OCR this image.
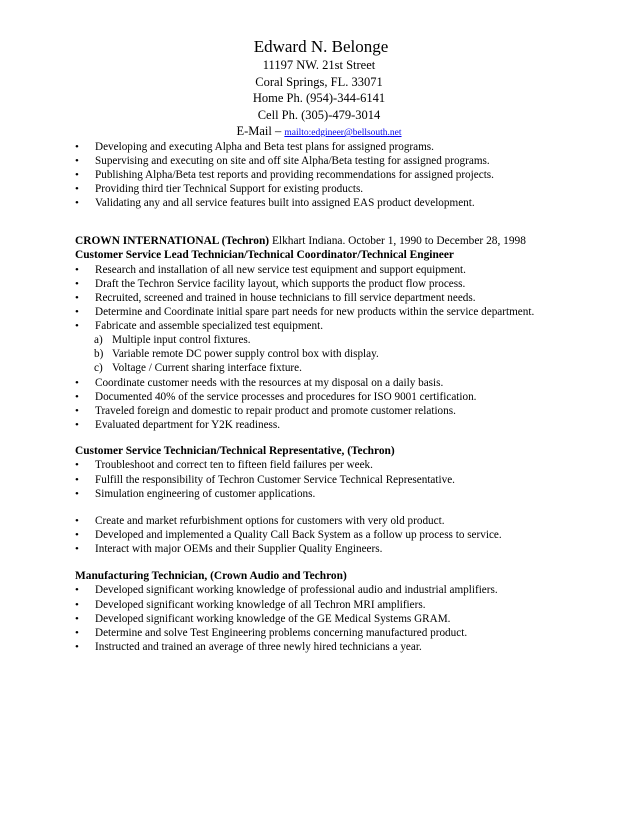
Edward N. Belonge
11197 NW. 21st Street
Coral Springs, FL. 33071
Home Ph. (954)-344-6141
Cell Ph. (305)-479-3014
E-Mail – mailto:edgineer@bellsouth.net
• Developing and executing Alpha and Beta test plans for assigned programs.
• Supervising and executing on site and off site Alpha/Beta testing for assigned programs.
• Publishing Alpha/Beta test reports and providing recommendations for assigned projects.
• Providing third tier Technical Support for existing products.
• Validating any and all service features built into assigned EAS product development.
CROWN INTERNATIONAL (Techron) Elkhart Indiana. October 1, 1990 to December 28, 1998
Customer Service Lead Technician/Technical Coordinator/Technical Engineer
• Research and installation of all new service test equipment and support equipment.
• Draft the Techron Service facility layout, which supports the product flow process.
• Recruited, screened and trained in house technicians to fill service department needs.
• Determine and Coordinate initial spare part needs for new products within the service department.
• Fabricate and assemble specialized test equipment.
a) Multiple input control fixtures.
b) Variable remote DC power supply control box with display.
c) Voltage / Current sharing interface fixture.
• Coordinate customer needs with the resources at my disposal on a daily basis.
• Documented 40% of the service processes and procedures for ISO 9001 certification.
• Traveled foreign and domestic to repair product and promote customer relations.
• Evaluated department for Y2K readiness.
Customer Service Technician/Technical Representative, (Techron)
• Troubleshoot and correct ten to fifteen field failures per week.
• Fulfill the responsibility of Techron Customer Service Technical Representative.
• Simulation engineering of customer applications.
• Create and market refurbishment options for customers with very old product.
• Developed and implemented a Quality Call Back System as a follow up process to service.
• Interact with major OEMs and their Supplier Quality Engineers.
Manufacturing Technician, (Crown Audio and Techron)
• Developed significant working knowledge of professional audio and industrial amplifiers.
• Developed significant working knowledge of all Techron MRI amplifiers.
• Developed significant working knowledge of the GE Medical Systems GRAM.
• Determine and solve Test Engineering problems concerning manufactured product.
• Instructed and trained an average of three newly hired technicians a year.
